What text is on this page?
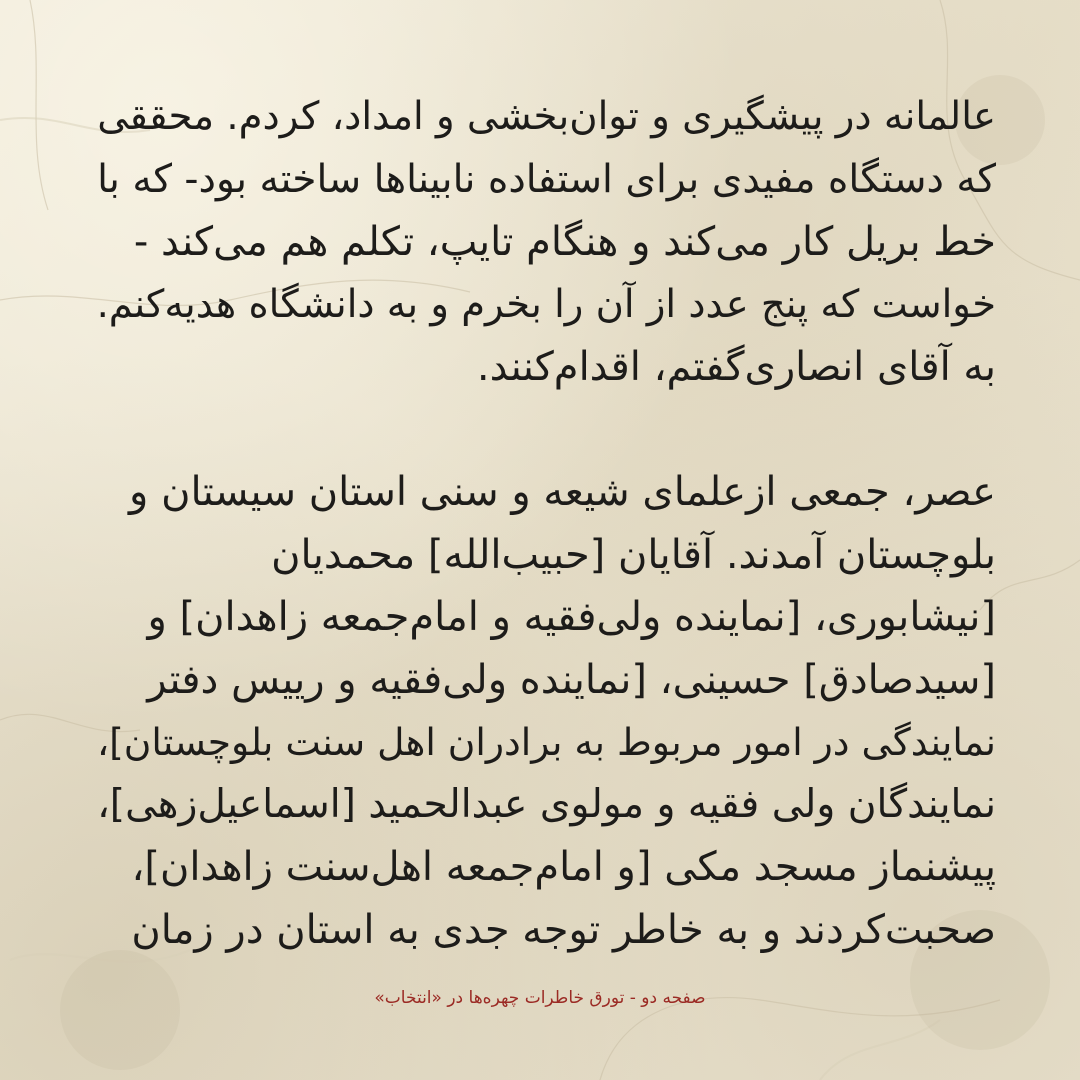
عالمانه در پیشگیری و توان‌بخشی و امداد، کردم. محققی
که دستگاه مفیدی برای استفاده نابیناها ساخته بود- که با
خط بریل کار می‌کند و هنگام تایپ، تکلم هم می‌کند -
خواست که پنج عدد از آن را بخرم و به دانشگاه هدیه‌کنم.
به آقای انصاری‌گفتم، اقدام‌کنند.

عصر، جمعی ازعلمای شیعه و سنی استان سیستان و
بلوچستان آمدند. آقایان [حبیب‌الله] محمدیان
[نیشابوری، [نماینده ولی‌فقیه و امام‌جمعه زاهدان] و
[سیدصادق] حسینی، [نماینده ولی‌فقیه و رییس دفتر
نمایندگی در امور مربوط به برادران اهل سنت بلوچستان]،
نمایندگان ولی فقیه و مولوی عبدالحمید [اسماعیل‌زهی]،
پیشنماز مسجد مکی [و امام‌جمعه اهل‌سنت زاهدان]،
صحبت‌کردند و به خاطر توجه جدی به استان در زمان

صفحه دو - تورق خاطرات چهره‌ها در «انتخاب»
